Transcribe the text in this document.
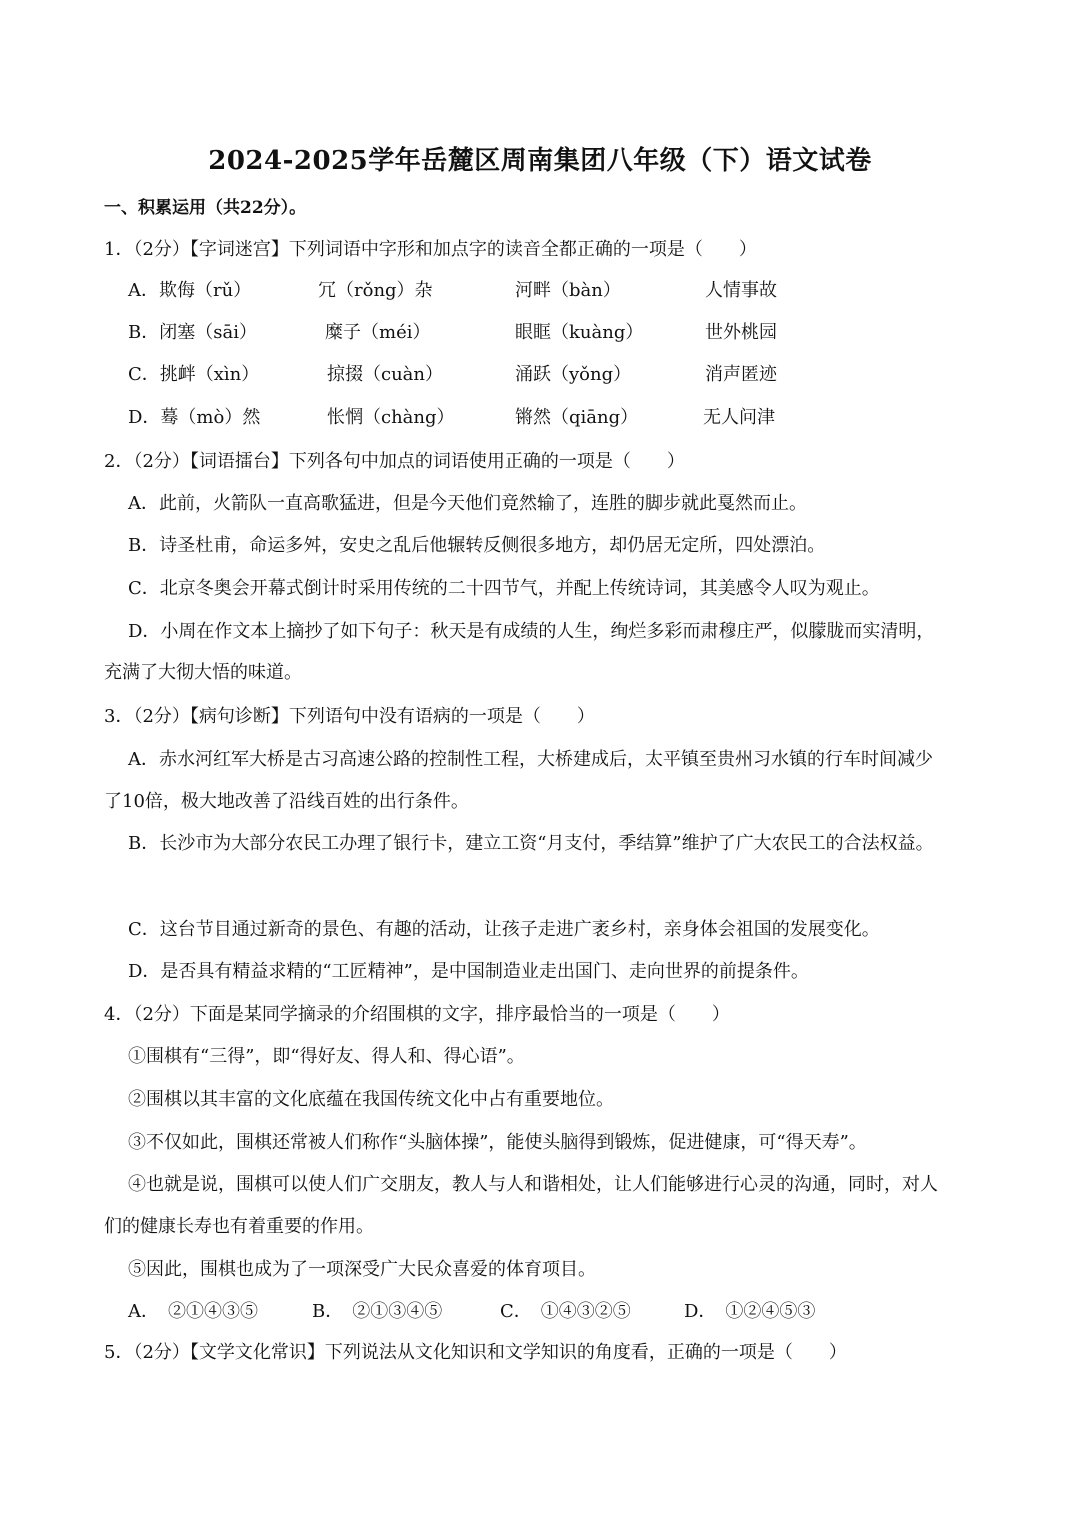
2024-2025学年岳麓区周南集团八年级（下）语文试卷
一、积累运用（共22分）。
1．（2分）【字词迷宫】下列词语中字形和加点字的读音全都正确的一项是（　　）
A．欺侮（rǔ）	冗（rǒng）杂	河畔（bàn）	人情事故
B．闭塞（sāi）	糜子（méi）	眼眶（kuàng）	世外桃园
C．挑衅（xìn）	掠掇（cuàn）	涌跃（yǒng）	消声匿迹
D．蓦（mò）然	怅惘（chàng）	锵然（qiāng）	无人问津
2．（2分）【词语擂台】下列各句中加点的词语使用正确的一项是（　　）
A．此前，火箭队一直高歌猛进，但是今天他们竟然输了，连胜的脚步就此戛然而止。
B．诗圣杜甫，命运多舛，安史之乱后他辗转反侧很多地方，却仍居无定所，四处漂泊。
C．北京冬奥会开幕式倒计时采用传统的二十四节气，并配上传统诗词，其美感令人叹为观止。
D．小周在作文本上摘抄了如下句子：秋天是有成绩的人生，绚烂多彩而肃穆庄严，似朦胧而实清明，
充满了大彻大悟的味道。
3．（2分）【病句诊断】下列语句中没有语病的一项是（　　）
A．赤水河红军大桥是古习高速公路的控制性工程，大桥建成后，太平镇至贵州习水镇的行车时间减少
了10倍，极大地改善了沿线百姓的出行条件。
B．长沙市为大部分农民工办理了银行卡，建立工资“月支付，季结算”维护了广大农民工的合法权益。
C．这台节目通过新奇的景色、有趣的活动，让孩子走进广袤乡村，亲身体会祖国的发展变化。
D．是否具有精益求精的“工匠精神”，是中国制造业走出国门、走向世界的前提条件。
4．（2分）下面是某同学摘录的介绍围棋的文字，排序最恰当的一项是（　　）
①围棋有“三得”，即“得好友、得人和、得心语”。
②围棋以其丰富的文化底蕴在我国传统文化中占有重要地位。
③不仅如此，围棋还常被人们称作“头脑体操”，能使头脑得到锻炼，促进健康，可“得天寿”。
④也就是说，围棋可以使人们广交朋友，教人与人和谐相处，让人们能够进行心灵的沟通，同时，对人
们的健康长寿也有着重要的作用。
⑤因此，围棋也成为了一项深受广大民众喜爱的体育项目。
A．　②①④③⑤	B．　②①③④⑤	C．　①④③②⑤	D．　①②④⑤③
5．（2分）【文学文化常识】下列说法从文化知识和文学知识的角度看，正确的一项是（　　）
